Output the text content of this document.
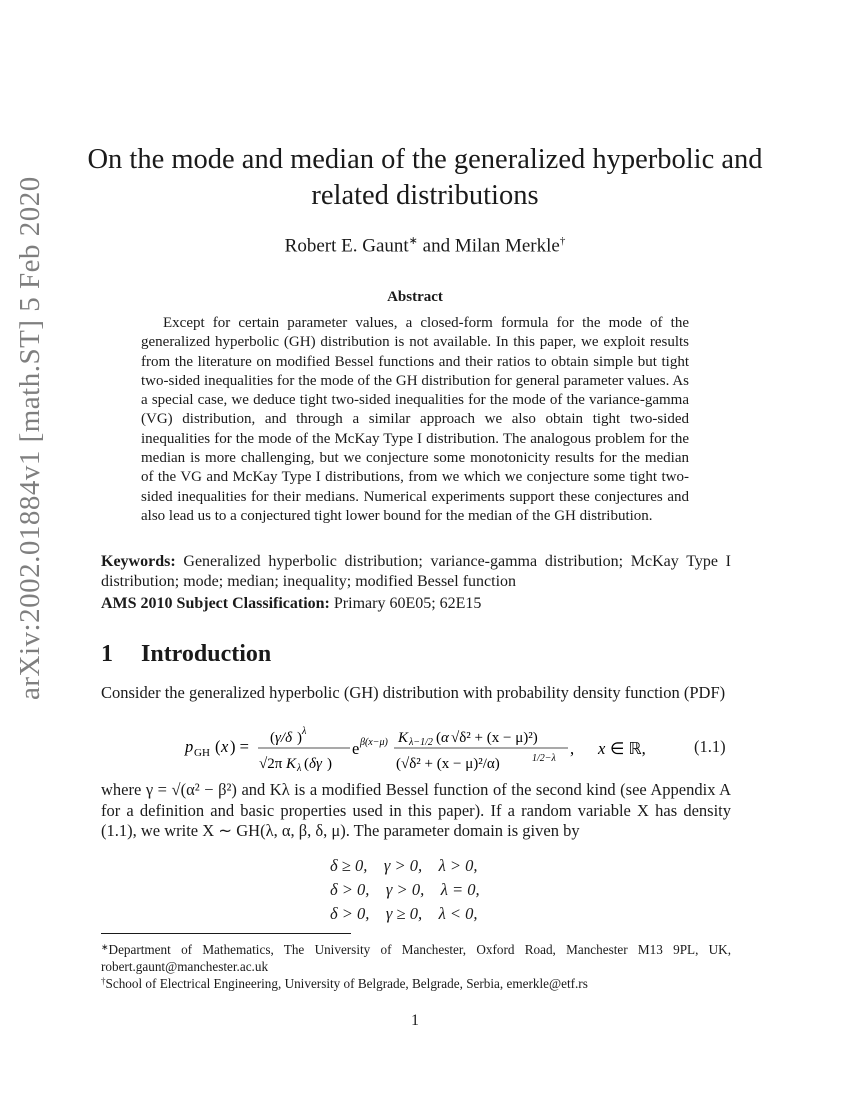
arXiv:2002.01884v1 [math.ST] 5 Feb 2020
On the mode and median of the generalized hyperbolic and related distributions
Robert E. Gaunt∗ and Milan Merkle†
Abstract

Except for certain parameter values, a closed-form formula for the mode of the generalized hyperbolic (GH) distribution is not available. In this paper, we exploit results from the literature on modified Bessel functions and their ratios to obtain simple but tight two-sided inequalities for the mode of the GH distribution for general parameter values. As a special case, we deduce tight two-sided inequalities for the mode of the variance-gamma (VG) distribution, and through a similar approach we also obtain tight two-sided inequalities for the mode of the McKay Type I distribution. The analogous problem for the median is more challenging, but we conjecture some monotonicity results for the median of the VG and McKay Type I distributions, from we which we conjecture some tight two-sided inequalities for their medians. Numerical experiments support these conjectures and also lead us to a conjectured tight lower bound for the median of the GH distribution.

Keywords: Generalized hyperbolic distribution; variance-gamma distribution; McKay Type I distribution; mode; median; inequality; modified Bessel function
AMS 2010 Subject Classification: Primary 60E05; 62E15
1 Introduction

Consider the generalized hyperbolic (GH) distribution with probability density function (PDF)

p GH ( x ) = ( γ/δ ) λ
√2π K λ ( δγ )
e β(x−μ) K λ−1/2 ( α √δ² + (x − μ)²)
(√δ² + (x − μ)²/α)	1/2−λ
, x ∈ ℝ,	(1.1)

where γ = √(α² − β²) and Kλ is a modified Bessel function of the second kind (see Appendix A for a definition and basic properties used in this paper). If a random variable X has density (1.1), we write X ∼ GH(λ, α, β, δ, μ). The parameter domain is given by

δ ≥ 0,    γ > 0,    λ > 0,
δ > 0,    γ > 0,    λ = 0,
δ > 0,    γ ≥ 0,    λ < 0,

∗Department of Mathematics, The University of Manchester, Oxford Road, Manchester M13 9PL, UK, robert.gaunt@manchester.ac.uk

†School of Electrical Engineering, University of Belgrade, Belgrade, Serbia, emerkle@etf.rs

1
